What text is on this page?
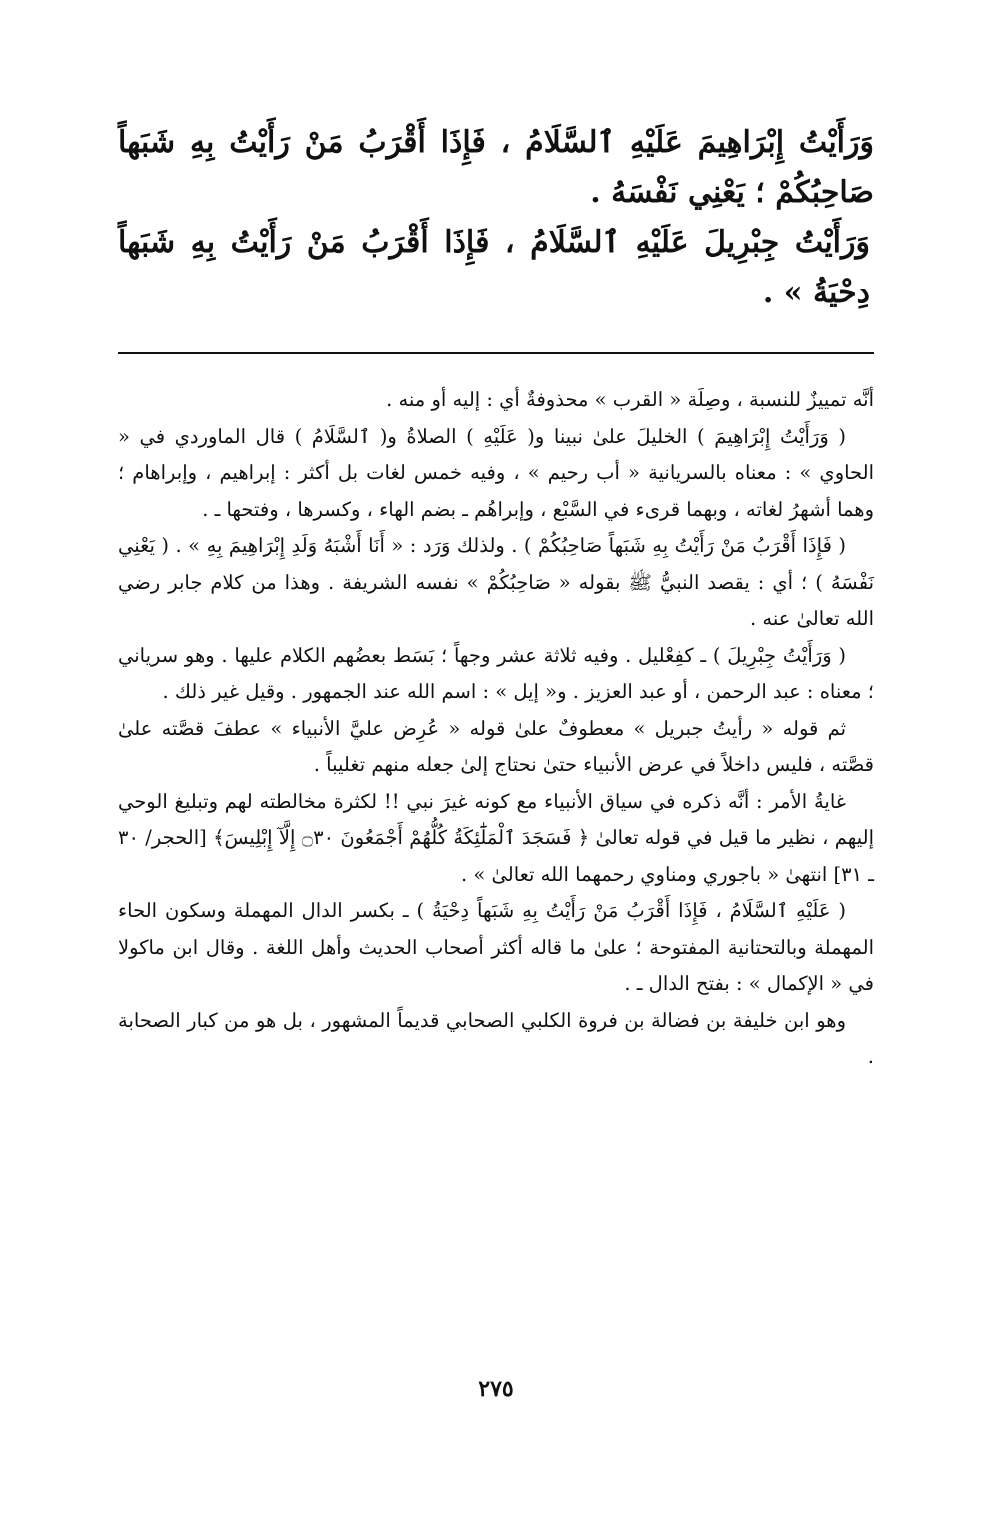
وَرَأَيْتُ إِبْرَاهِيمَ عَلَيْهِ ٱلسَّلَامُ ، فَإِذَا أَقْرَبُ مَنْ رَأَيْتُ بِهِ شَبَهاً صَاحِبُكُمْ ؛ يَعْنِي نَفْسَهُ .

وَرَأَيْتُ جِبْرِيلَ عَلَيْهِ ٱلسَّلَامُ ، فَإِذَا أَقْرَبُ مَنْ رَأَيْتُ بِهِ شَبَهاً دِحْيَةُ » .

أنَّه تمييزٌ للنسبة ، وصِلَة « القرب » محذوفةٌ أي : إليه أو منه .

( وَرَأَيْتُ إِبْرَاهِيمَ ) الخليلَ علىٰ نبينا و( عَلَيْهِ ) الصلاةُ و( ٱلسَّلَامُ ) قال الماوردي في « الحاوي » : معناه بالسريانية « أب رحيم » ، وفيه خمس لغات بل أكثر : إبراهيم ، وإبراهام ؛ وهما أشهرُ لغاته ، وبهما قرىء في السَّبْع ، وإبراهُم ـ بضم الهاء ، وكسرها ، وفتحها ـ .

( فَإِذَا أَقْرَبُ مَنْ رَأَيْتُ بِهِ شَبَهاً صَاحِبُكُمْ ) . ولذلك وَرَد : « أَنَا أَشْبَهُ وَلَدِ إِبْرَاهِيمَ بِهِ » . ( يَعْنِي نَفْسَهُ ) ؛ أي : يقصد النبيُّ ﷺ بقوله « صَاحِبُكُمْ » نفسه الشريفة . وهذا من كلام جابر رضي الله تعالىٰ عنه .

( وَرَأَيْتُ جِبْرِيلَ ) ـ كفِعْليل . وفيه ثلاثة عشر وجهاً ؛ بَسَط بعضُهم الكلام عليها . وهو سرياني ؛ معناه : عبد الرحمن ، أو عبد العزيز . و« إيل » : اسم الله عند الجمهور . وقيل غير ذلك .

ثم قوله « رأيتُ جبريل » معطوفٌ علىٰ قوله « عُرِض عليَّ الأنبياء » عطفَ قصَّته علىٰ قصَّته ، فليس داخلاً في عرض الأنبياء حتىٰ نحتاج إلىٰ جعله منهم تغليباً .

غايةُ الأمر : أنَّه ذكره في سياق الأنبياء مع كونه غيرَ نبي !! لكثرة مخالطته لهم وتبليغ الوحي إليهم ، نظير ما قيل في قوله تعالىٰ ﴿ فَسَجَدَ ٱلْمَلَٰٓئِكَةُ كُلُّهُمْ أَجْمَعُونَ ۝٣٠ إِلَّآ إِبْلِيسَ﴾ [الحجر/ ٣٠ ـ ٣١] انتهىٰ « باجوري ومناوي رحمهما الله تعالىٰ » .

( عَلَيْهِ ٱلسَّلَامُ ، فَإِذَا أَقْرَبُ مَنْ رَأَيْتُ بِهِ شَبَهاً دِحْيَةُ ) ـ بكسر الدال المهملة وسكون الحاء المهملة وبالتحتانية المفتوحة ؛ علىٰ ما قاله أكثر أصحاب الحديث وأهل اللغة . وقال ابن ماكولا في « الإكمال » : بفتح الدال ـ .

وهو ابن خليفة بن فضالة بن فروة الكلبي الصحابي قديماً المشهور ، بل هو من كبار الصحابة .

٢٧٥
